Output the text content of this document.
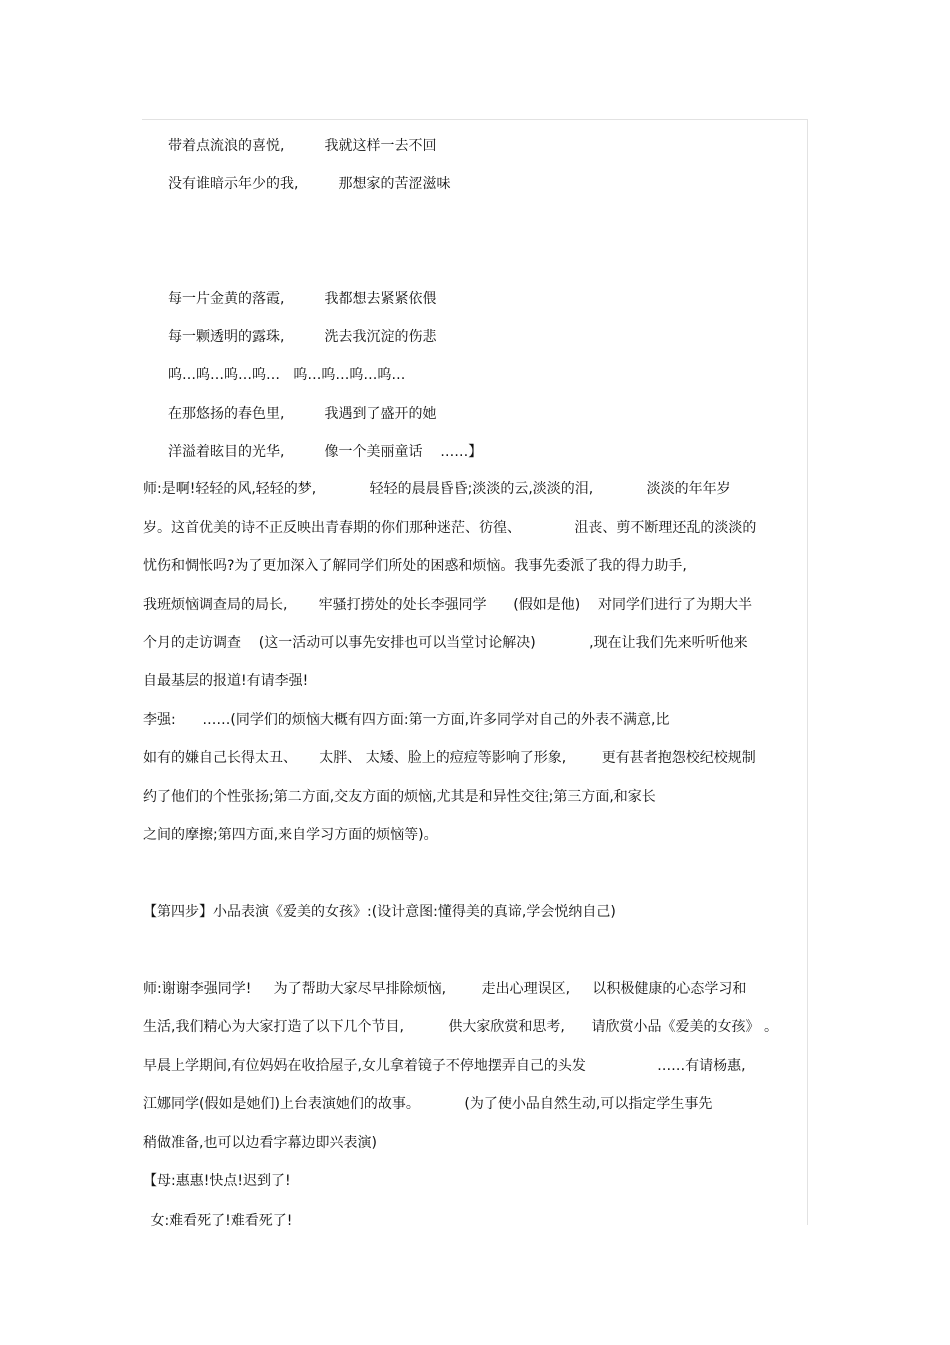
带着点流浪的喜悦,         我就这样一去不回
没有谁暗示年少的我,         那想家的苦涩滋味
每一片金黄的落霞,         我都想去紧紧依偎
每一颗透明的露珠,         洗去我沉淀的伤悲
呜…呜…呜…呜…   呜…呜…呜…呜…
在那悠扬的春色里,         我遇到了盛开的她
洋溢着眩目的光华,         像一个美丽童话    ……】
师:是啊!轻轻的风,轻轻的梦,            轻轻的晨晨昏昏;淡淡的云,淡淡的泪,            淡淡的年年岁
岁。这首优美的诗不正反映出青春期的你们那种迷茫、彷徨、            沮丧、剪不断理还乱的淡淡的
忧伤和惆怅吗?为了更加深入了解同学们所处的困惑和烦恼。我事先委派了我的得力助手,
我班烦恼调查局的局长,       牢骚打捞处的处长李强同学      (假如是他)    对同学们进行了为期大半
个月的走访调查    (这一活动可以事先安排也可以当堂讨论解决)            ,现在让我们先来听听他来
自最基层的报道!有请李强!
李强:      ……(同学们的烦恼大概有四方面:第一方面,许多同学对自己的外表不满意,比
如有的嫌自己长得太丑、     太胖、 太矮、脸上的痘痘等影响了形象,        更有甚者抱怨校纪校规制
约了他们的个性张扬;第二方面,交友方面的烦恼,尤其是和异性交往;第三方面,和家长
之间的摩擦;第四方面,来自学习方面的烦恼等)。
【第四步】小品表演《爱美的女孩》:(设计意图:懂得美的真谛,学会悦纳自己)
师:谢谢李强同学!     为了帮助大家尽早排除烦恼,        走出心理误区,     以积极健康的心态学习和
生活,我们精心为大家打造了以下几个节目,          供大家欣赏和思考,      请欣赏小品《爱美的女孩》 。
早晨上学期间,有位妈妈在收拾屋子,女儿拿着镜子不停地摆弄自己的头发                ……有请杨惠,
江娜同学(假如是她们)上台表演她们的故事。          (为了使小品自然生动,可以指定学生事先
稍做准备,也可以边看字幕边即兴表演)
【母:惠惠!快点!迟到了!
女:难看死了!难看死了!
